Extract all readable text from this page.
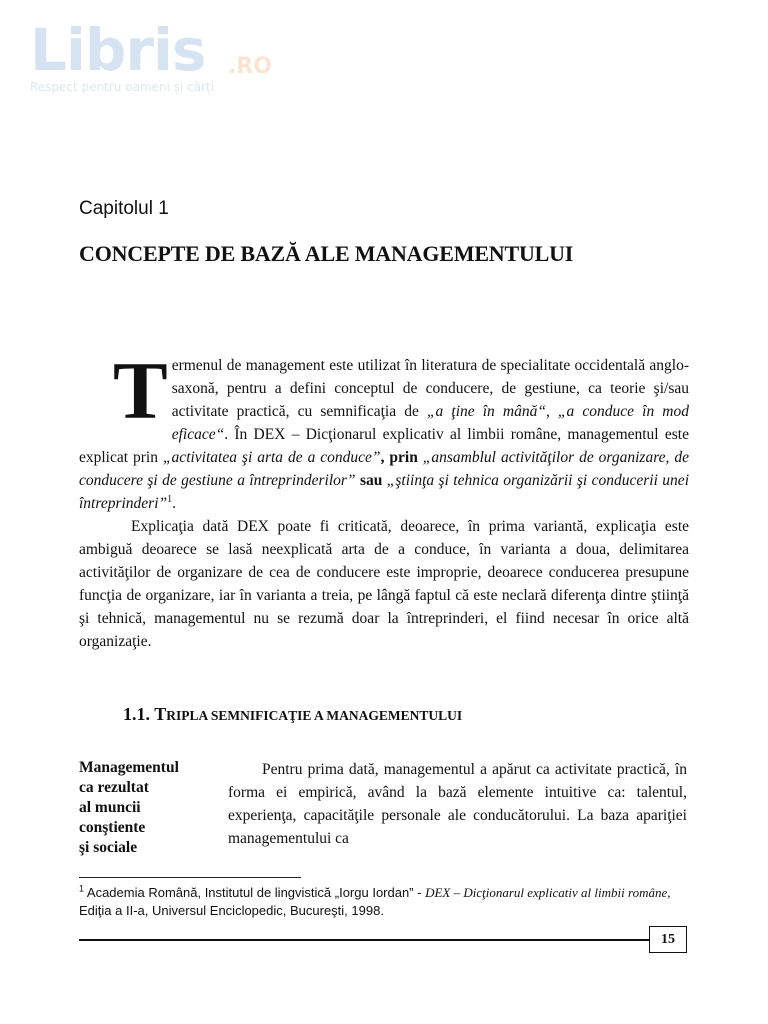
Libris .RO
Respect pentru oameni și cărți
Capitolul 1
CONCEPTE DE BAZĂ ALE MANAGEMENTULUI

Termenul de management este utilizat în literatura de specialitate occidentală anglo-saxonă, pentru a defini conceptul de conducere, de gestiune, ca teorie şi/sau activitate practică, cu semnificaţia de „a ţine în mână“, „a conduce în mod eficace“. În DEX – Dicţionarul explicativ al limbii române, managementul este explicat prin „activitatea şi arta de a conduce”, prin „ansamblul activităţilor de organizare, de conducere şi de gestiune a întreprinderilor” sau „ştiinţa şi tehnica organizării şi conducerii unei întreprinderi”$^1$.

Explicaţia dată DEX poate fi criticată, deoarece, în prima variantă, explicaţia este ambiguă deoarece se lasă neexplicată arta de a conduce, în varianta a doua, delimitarea activităţilor de organizare de cea de conducere este improprie, deoarece conducerea presupune funcţia de organizare, iar în varianta a treia, pe lângă faptul că este neclară diferenţa dintre ştiinţă şi tehnică, managementul nu se rezumă doar la întreprinderi, el fiind necesar în orice altă organizaţie.

1.1. TRIPLA SEMNIFICAŢIE A MANAGEMENTULUI
Managementul
ca rezultat
al muncii
conştiente
şi sociale

Pentru prima dată, managementul a apărut ca activitate practică, în forma ei empirică, având la bază elemente intuitive ca: talentul, experienţa, capacităţile personale ale conducătorului. La baza apariţiei managementului ca

$^1$ Academia Română, Institutul de lingvistică „Iorgu Iordan” - DEX – Dicţionarul explicativ al limbii române, Ediţia a II-a, Universul Enciclopedic, Bucureşti, 1998.
15
